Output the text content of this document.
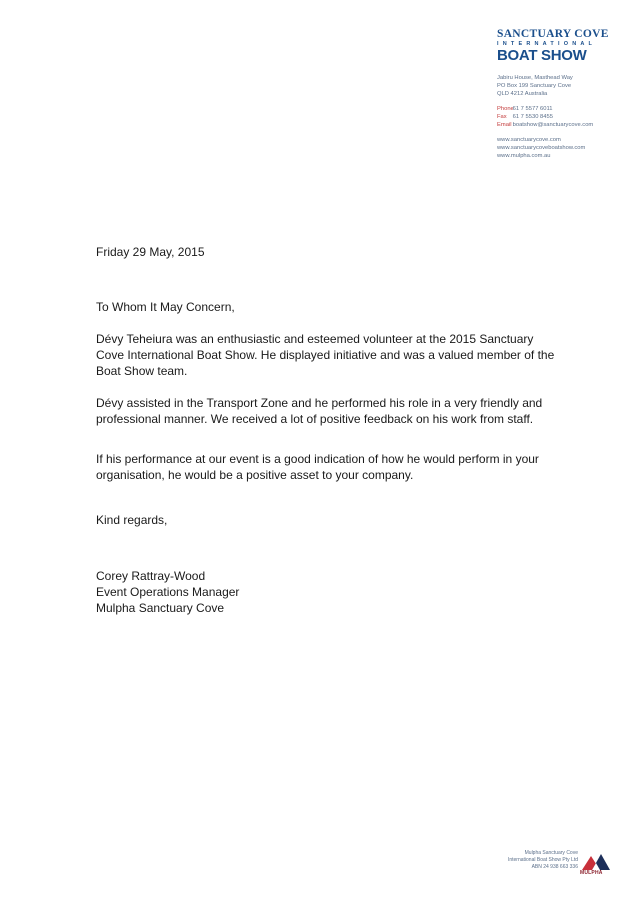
SANCTUARY COVE
INTERNATIONAL
BOAT SHOW
Jabiru House, Masthead Way
PO Box 199 Sanctuary Cove
QLD 4212 Australia
Phone 61 7 5577 6011
Fax 61 7 5530 8455
Email boatshow@sanctuarycove.com
www.sanctuarycove.com
www.sanctuarycoveboatshow.com
www.mulpha.com.au

Friday 29 May, 2015

To Whom It May Concern,

Dévy Teheiura was an enthusiastic and esteemed volunteer at the 2015 Sanctuary Cove International Boat Show. He displayed initiative and was a valued member of the Boat Show team.

Dévy assisted in the Transport Zone and he performed his role in a very friendly and professional manner. We received a lot of positive feedback on his work from staff.

If his performance at our event is a good indication of how he would perform in your organisation, he would be a positive asset to your company.

Kind regards,

Corey Rattray-Wood
Event Operations Manager
Mulpha Sanctuary Cove
Mulpha Sanctuary Cove
International Boat Show Pty Ltd
ABN 24 938 663 336
MULPHA
